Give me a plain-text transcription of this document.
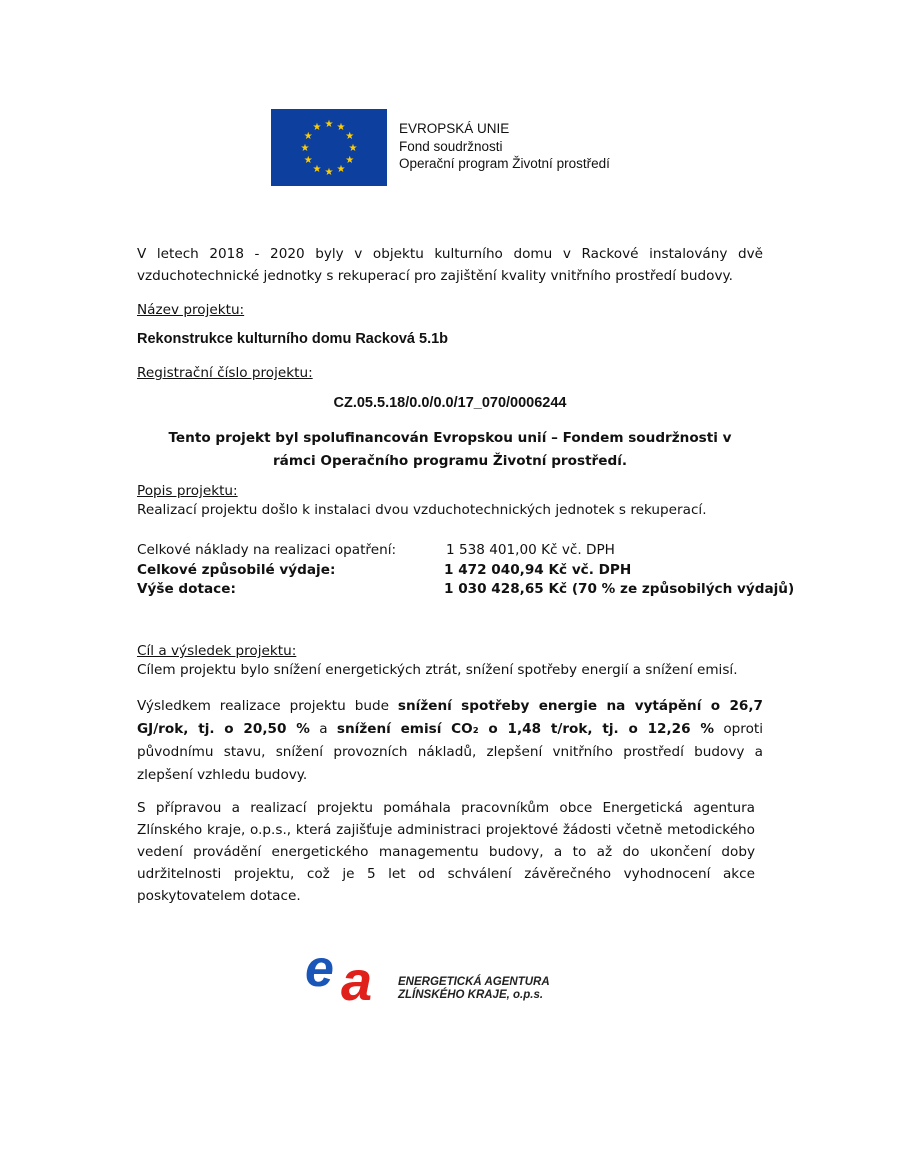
★ ★
★
★
★
★
★
★
★
★
★
★	EVROPSKÁ UNIE
Fond soudržnosti
Operační program Životní prostředí
V letech 2018 - 2020 byly v objektu kulturního domu v Rackové instalovány dvě vzduchotechnické jednotky s rekuperací pro zajištění kvality vnitřního prostředí budovy.
Název projektu:
Rekonstrukce kulturního domu Racková 5.1b
Registrační číslo projektu:
CZ.05.5.18/0.0/0.0/17_070/0006244
Tento projekt byl spolufinancován Evropskou unií – Fondem soudržnosti v rámci Operačního programu Životní prostředí.
Popis projektu:
Realizací projektu došlo k instalaci dvou vzduchotechnických jednotek s rekuperací.
Celkové náklady na realizaci opatření:	1 538 401,00 Kč vč. DPH
Celkové způsobilé výdaje:	1 472 040,94 Kč vč. DPH
Výše dotace:	1 030 428,65 Kč (70 % ze způsobilých výdajů)
Cíl a výsledek projektu:
Cílem projektu bylo snížení energetických ztrát, snížení spotřeby energií a snížení emisí.
Výsledkem realizace projektu bude snížení spotřeby energie na vytápění o 26,7 GJ/rok, tj. o 20,50 % a snížení emisí CO₂ o 1,48 t/rok, tj. o 12,26 % oproti původnímu stavu, snížení provozních nákladů, zlepšení vnitřního prostředí budovy a zlepšení vzhledu budovy.
S přípravou a realizací projektu pomáhala pracovníkům obce Energetická agentura Zlínského kraje, o.p.s., která zajišťuje administraci projektové žádosti včetně metodického vedení provádění energetického managementu budovy, a to až do ukončení doby udržitelnosti projektu, což je 5 let od schválení závěrečného vyhodnocení akce poskytovatelem dotace.
e a ENERGETICKÁ AGENTURA
ZLÍNSKÉHO KRAJE, o.p.s.
